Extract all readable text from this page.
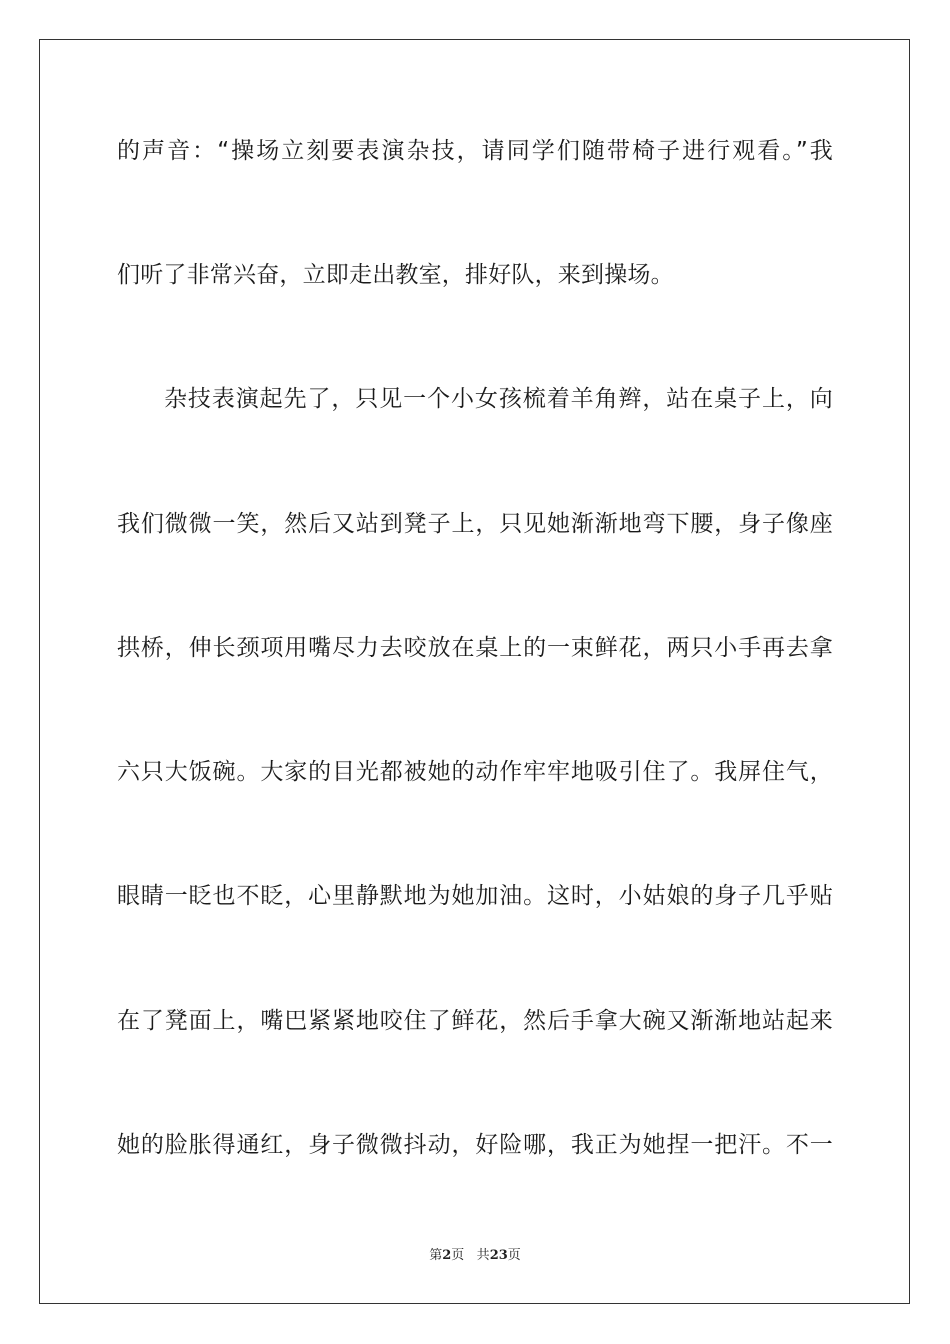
的声音：“操场立刻要表演杂技，请同学们随带椅子进行观看。”我
们听了非常兴奋，立即走出教室，排好队，来到操场。
杂技表演起先了，只见一个小女孩梳着羊角辫，站在桌子上，向
我们微微一笑，然后又站到凳子上，只见她渐渐地弯下腰，身子像座
拱桥，伸长颈项用嘴尽力去咬放在桌上的一束鲜花，两只小手再去拿
六只大饭碗。大家的目光都被她的动作牢牢地吸引住了。我屏住气，
眼睛一眨也不眨，心里静默地为她加油。这时，小姑娘的身子几乎贴
在了凳面上，嘴巴紧紧地咬住了鲜花，然后手拿大碗又渐渐地站起来
她的脸胀得通红，身子微微抖动，好险哪，我正为她捏一把汗。不一
第2页 共23页
